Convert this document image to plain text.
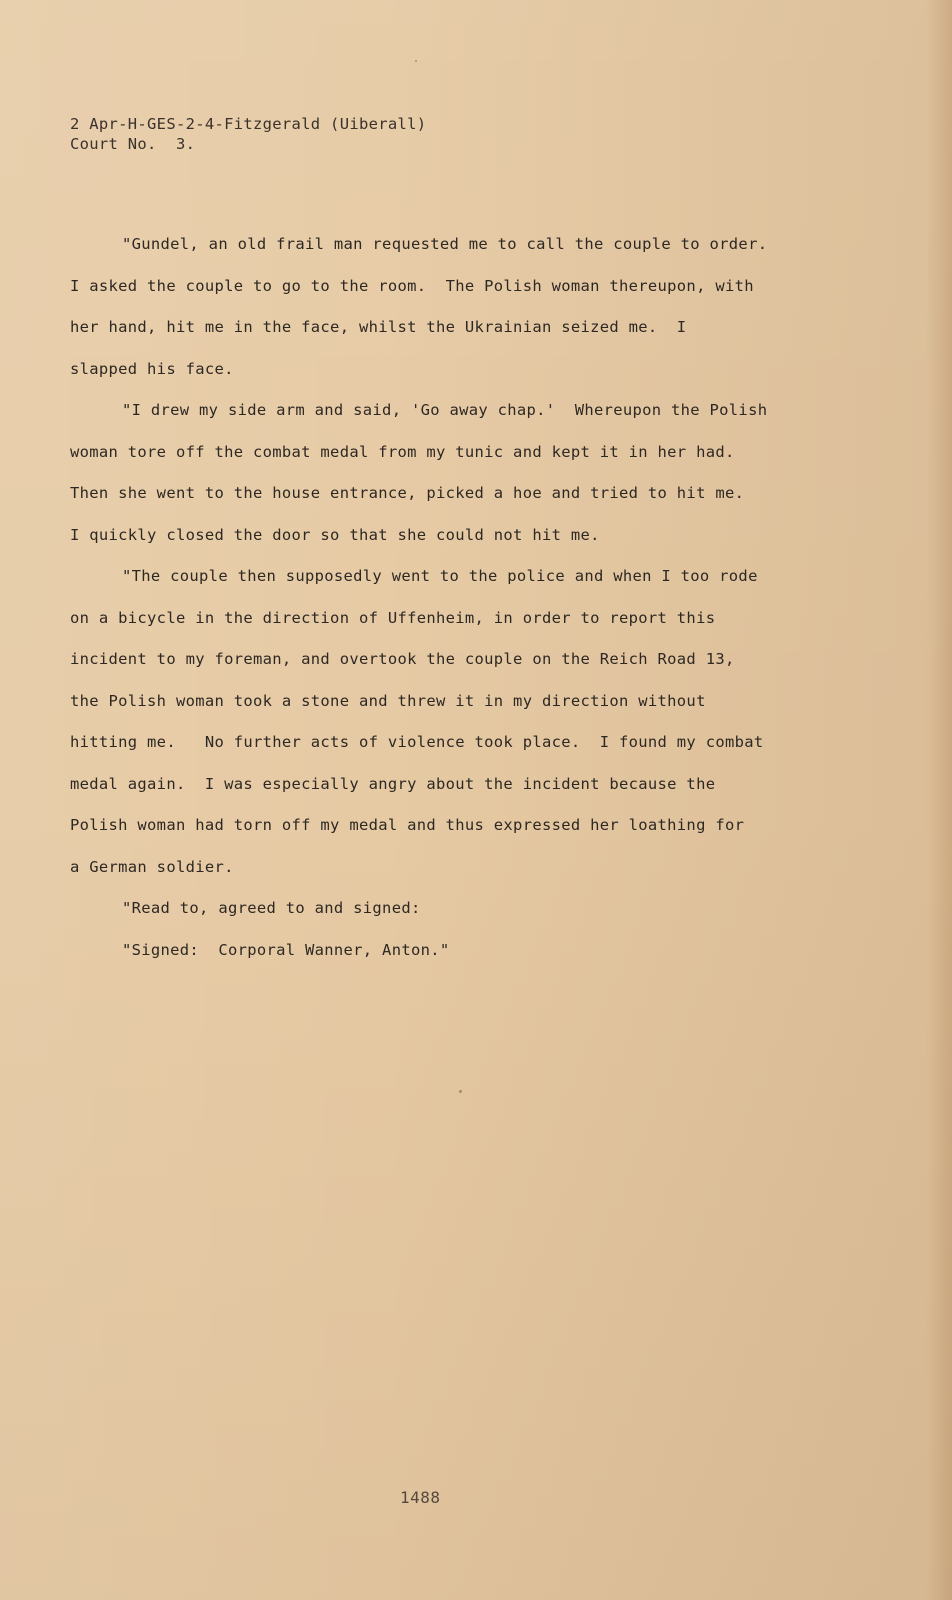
2 Apr-H-GES-2-4-Fitzgerald (Uiberall)
Court No.  3.
"Gundel, an old frail man requested me to call the couple to order.
I asked the couple to go to the room.  The Polish woman thereupon, with
her hand, hit me in the face, whilst the Ukrainian seized me.  I
slapped his face.
"I drew my side arm and said, 'Go away chap.'  Whereupon the Polish
woman tore off the combat medal from my tunic and kept it in her had.
Then she went to the house entrance, picked a hoe and tried to hit me.
I quickly closed the door so that she could not hit me.
"The couple then supposedly went to the police and when I too rode
on a bicycle in the direction of Uffenheim, in order to report this
incident to my foreman, and overtook the couple on the Reich Road 13,
the Polish woman took a stone and threw it in my direction without
hitting me.   No further acts of violence took place.  I found my combat
medal again.  I was especially angry about the incident because the
Polish woman had torn off my medal and thus expressed her loathing for
a German soldier.
"Read to, agreed to and signed:
"Signed:  Corporal Wanner, Anton."
1488
